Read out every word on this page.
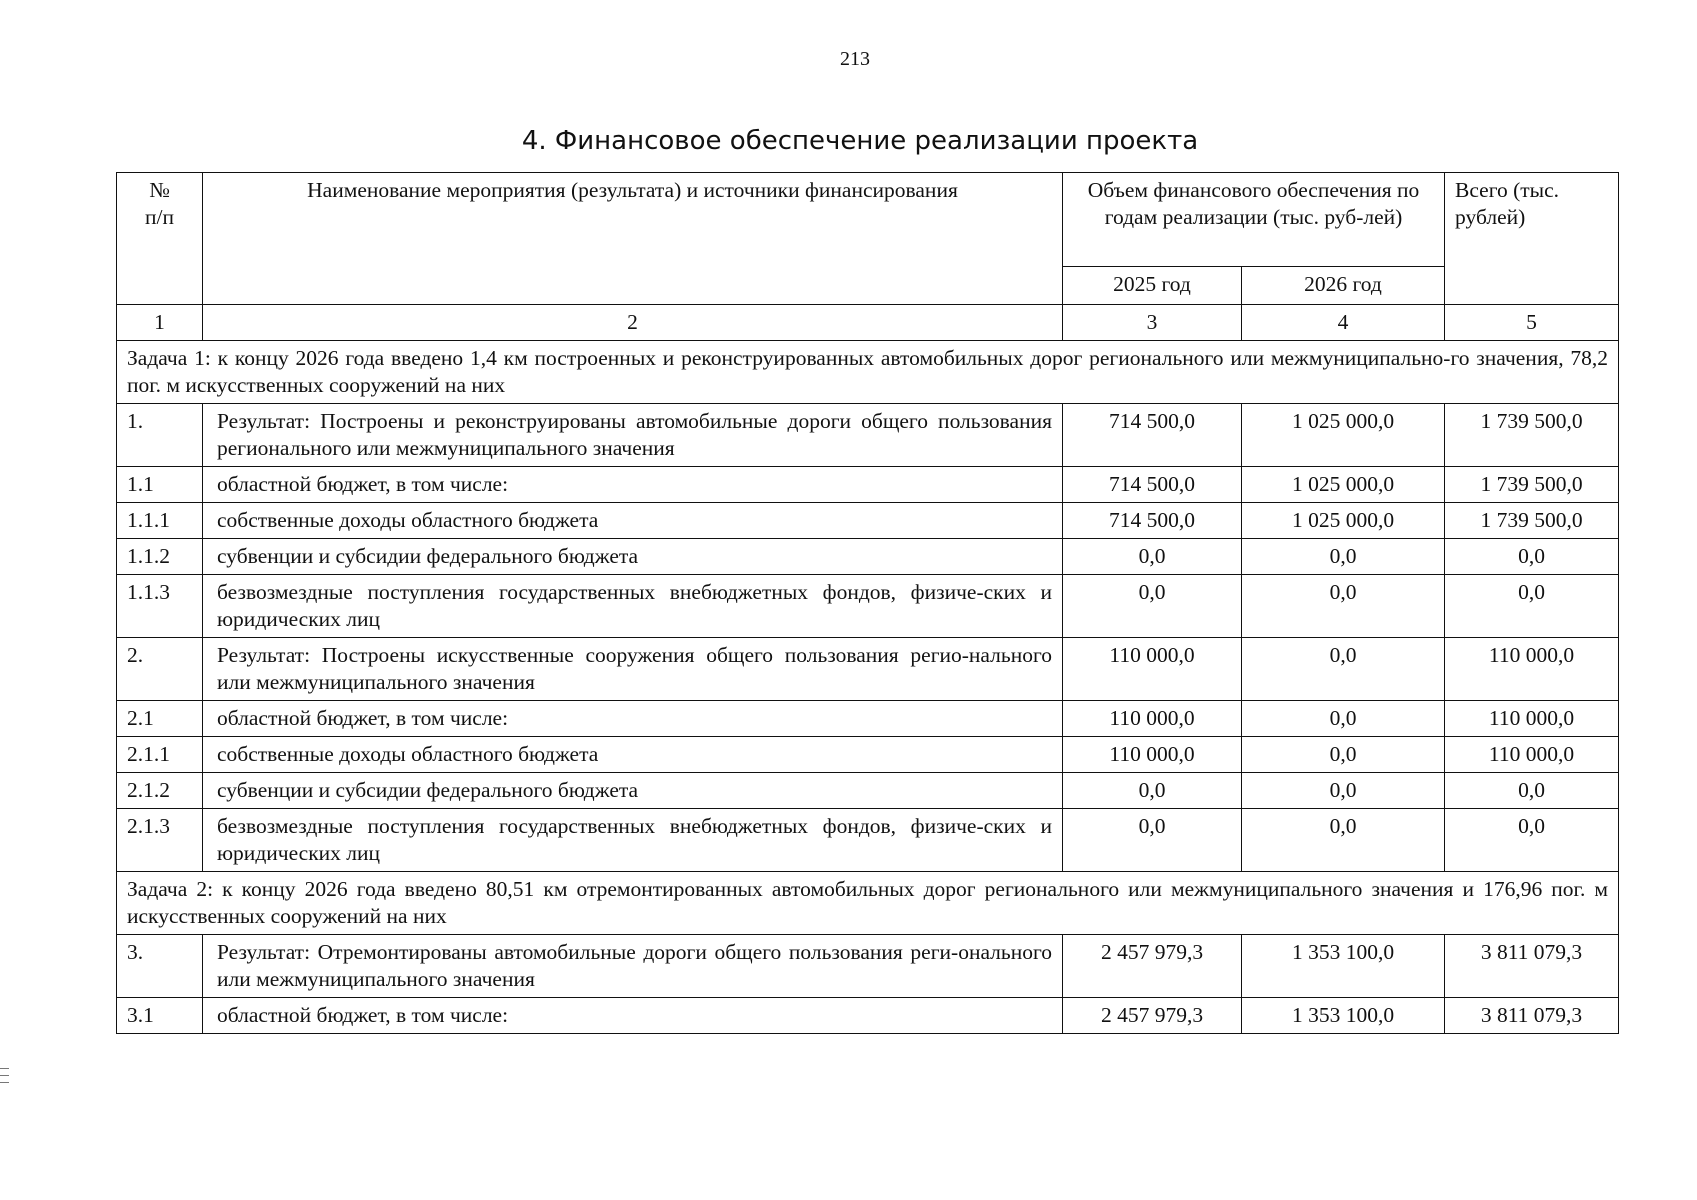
213
4. Финансовое обеспечение реализации проекта
№
п/п	Наименование мероприятия (результата) и источники финансирования	Объем финансового обеспечения по годам реализации (тыс. руб-лей)		Всего (тыс. рублей)
		2025 год	2026 год	
1	2	3	4	5
Задача 1: к концу 2026 года введено 1,4 км построенных и реконструированных автомобильных дорог регионального или межмуниципально-го значения, 78,2 пог. м искусственных сооружений на них				
1.	Результат: Построены и реконструированы автомобильные дороги общего пользования регионального или межмуниципального значения	714 500,0	1 025 000,0	1 739 500,0
1.1	областной бюджет, в том числе:	714 500,0	1 025 000,0	1 739 500,0
1.1.1	собственные доходы областного бюджета	714 500,0	1 025 000,0	1 739 500,0
1.1.2	субвенции и субсидии федерального бюджета	0,0	0,0	0,0
1.1.3	безвозмездные поступления государственных внебюджетных фондов, физиче-ских и юридических лиц	0,0	0,0	0,0
2.	Результат: Построены искусственные сооружения общего пользования регио-нального или межмуниципального значения	110 000,0	0,0	110 000,0
2.1	областной бюджет, в том числе:	110 000,0	0,0	110 000,0
2.1.1	собственные доходы областного бюджета	110 000,0	0,0	110 000,0
2.1.2	субвенции и субсидии федерального бюджета	0,0	0,0	0,0
2.1.3	безвозмездные поступления государственных внебюджетных фондов, физиче-ских и юридических лиц	0,0	0,0	0,0
Задача 2: к концу 2026 года введено 80,51 км отремонтированных автомобильных дорог регионального или межмуниципального значения и 176,96 пог. м искусственных сооружений на них				
3.	Результат: Отремонтированы автомобильные дороги общего пользования реги-онального или межмуниципального значения	2 457 979,3	1 353 100,0	3 811 079,3
3.1	областной бюджет, в том числе:	2 457 979,3	1 353 100,0	3 811 079,3
